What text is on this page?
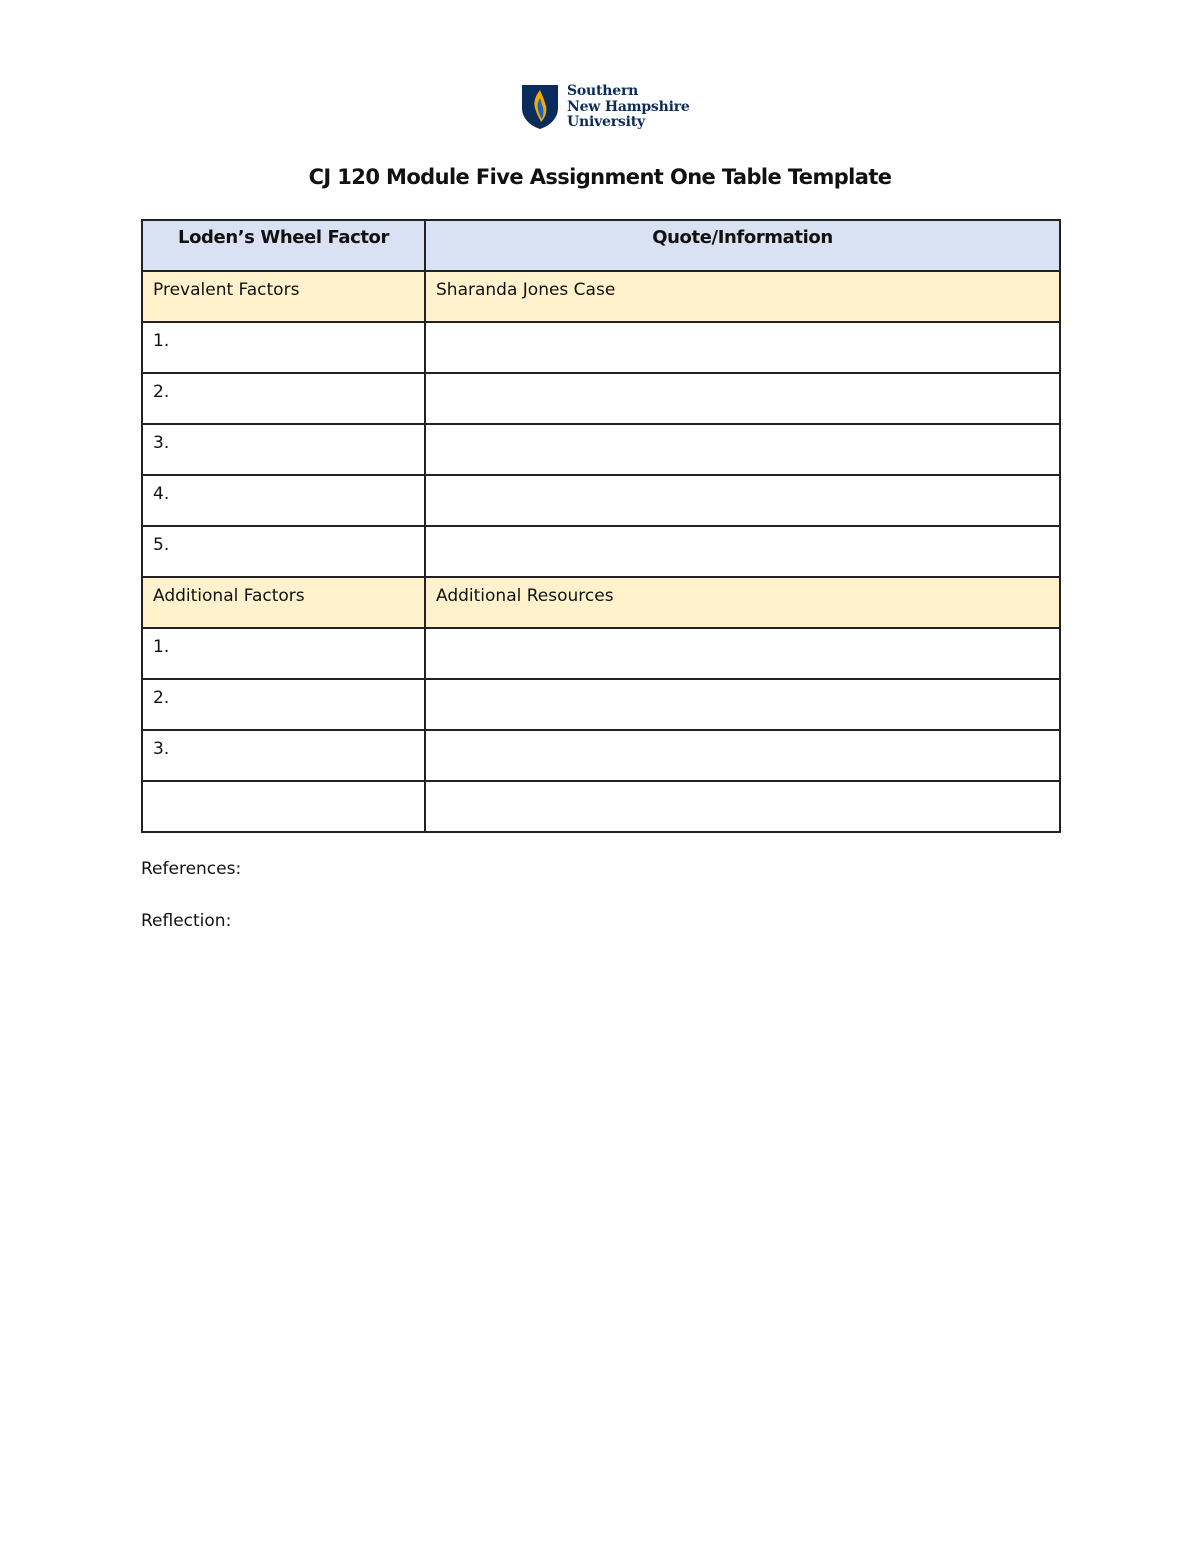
Southern
New Hampshire
University
CJ 120 Module Five Assignment One Table Template
Loden’s Wheel Factor	Quote/Information
Prevalent Factors	Sharanda Jones Case
1.	
2.	
3.	
4.	
5.	
Additional Factors	Additional Resources
1.	
2.	
3.	

References:
Reflection:
